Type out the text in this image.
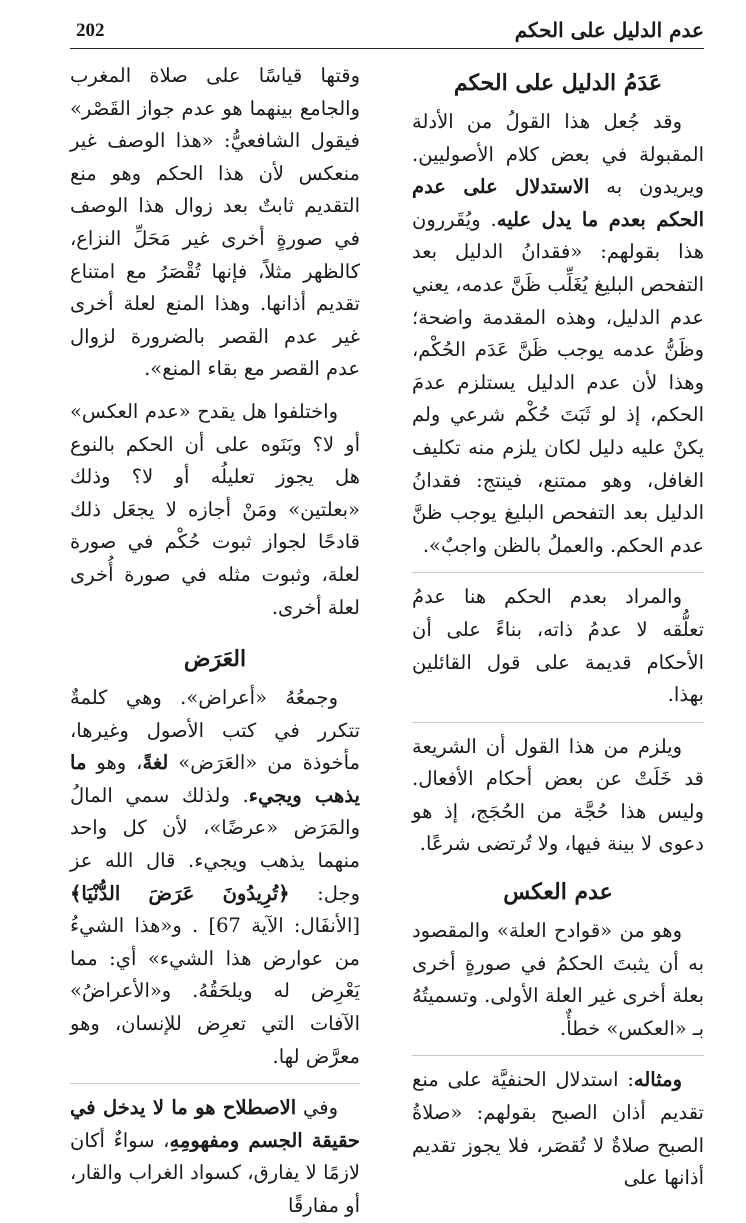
202	عدم الدليل على الحكم
عَدَمُ الدليل على الحكم

وقد جُعل هذا القولُ من الأدلة المقبولة في بعض كلام الأصوليين. ويريدون به الاستدلال على عدم الحكم بعدم ما يدل عليه. ويُقَررون هذا بقولهم: «فقدانُ الدليل بعد التفحص البليغ يُغَلِّب ظَنَّ عدمه، يعني عدم الدليل، وهذه المقدمة واضحة؛ وظَنُّ عدمه يوجب ظَنَّ عَدَم الحُكْم، وهذا لأن عدم الدليل يستلزم عدمَ الحكم، إذ لو ثَبَتَ حُكْم شرعي ولم يكنْ عليه دليل لكان يلزم منه تكليف الغافل، وهو ممتنع، فينتج: فقدانُ الدليل بعد التفحص البليغ يوجب ظنَّ عدم الحكم. والعملُ بالظن واجبٌ».

والمراد بعدم الحكم هنا عدمُ تعلُّقه لا عدمُ ذاته، بناءً على أن الأحكام قديمة على قول القائلين بهذا.

ويلزم من هذا القول أن الشريعة قد خَلَتْ عن بعض أحكام الأفعال. وليس هذا حُجَّة من الحُجَج، إذ هو دعوى لا بينة فيها، ولا تُرتضى شرعًا.

عدم العكس

وهو من «قوادح العلة» والمقصود به أن يثبتَ الحكمُ في صورةٍ أخرى بعلة أخرى غير العلة الأولى. وتسميتُهُ بـ «العكس» خطأٌ.

ومثاله: استدلال الحنفيَّة على منع تقديم أذان الصبح بقولهم: «صلاةُ الصبح صلاةٌ لا تُقصَر، فلا يجوز تقديم أذانها على

وقتها قياسًا على صلاة المغرب والجامع بينهما هو عدم جواز القَصْر» فيقول الشافعيُّ: «هذا الوصف غير منعكس لأن هذا الحكم وهو منع التقديم ثابتٌ بعد زوال هذا الوصف في صورةٍ أخرى غير مَحَلِّ النزاع، كالظهر مثلاً، فإنها تُقْصَرُ مع امتناع تقديم أذانها. وهذا المنع لعلة أخرى غير عدم القصر بالضرورة لزوال عدم القصر مع بقاء المنع».

واختلفوا هل يقدح «عدم العكس» أو لا؟ وبَنَوه على أن الحكم بالنوع هل يجوز تعليلُه أو لا؟ وذلك «بعلتين» ومَنْ أجازه لا يجعَل ذلك قادحًا لجواز ثبوت حُكْم في صورة لعلة، وثبوت مثله في صورة أُخرى لعلة أخرى.

العَرَض

وجمعُهُ «أعراض». وهي كلمةٌ تتكرر في كتب الأصول وغيرها، مأخوذة من «العَرَض» لغةً، وهو ما يذهب ويجيء. ولذلك سمي المالُ والمَرَض «عرضًا»، لأن كل واحد منهما يذهب ويجيء. قال الله عز وجل: ﴿تُرِيدُونَ عَرَضَ الدُّنْيَا﴾ [الأنفَال: الآية 67] . و«هذا الشيءُ من عوارض هذا الشيء» أي: مما يَعْرِض له ويلحَقُهُ. و«الأعراضُ» الآفات التي تعرِض للإنسان، وهو معرَّض لها.

وفي الاصطلاح هو ما لا يدخل في حقيقة الجسم ومفهومِهِ، سواءٌ أكان لازمًا لا يفارق، كسواد الغراب والقار، أو مفارقًا
